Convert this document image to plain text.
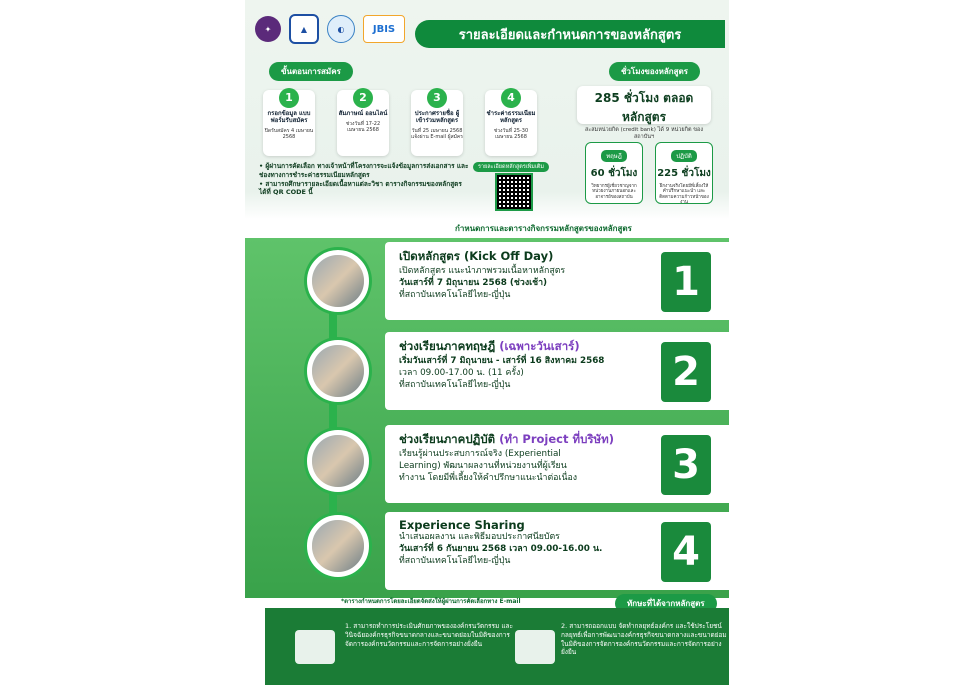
✦	▲	◐	JBIS	รายละเอียดและกำหนดการของหลักสูตร
ขั้นตอนการสมัคร
1
กรอกข้อมูล แบบฟอร์มรับสมัคร
ปิดรับสมัคร 4 เมษายน 2568
2
สัมภาษณ์ ออนไลน์
ช่วงวันที่ 17-22 เมษายน 2568
3
ประกาศรายชื่อ ผู้เข้าร่วมหลักสูตร
วันที่ 25 เมษายน 2568 แจ้งผ่าน E-mail ผู้สมัคร
4
ชำระค่าธรรมเนียม หลักสูตร
ช่วงวันที่ 25-30 เมษายน 2568
• ผู้ผ่านการคัดเลือก ทางเจ้าหน้าที่โครงการจะแจ้งข้อมูลการส่งเอกสาร และช่องทางการชำระค่าธรรมเนียมหลักสูตร
• สามารถศึกษารายละเอียดเนื้อหาแต่ละวิชา ตารางกิจกรรมของหลักสูตรได้ที่ QR CODE นี้
รายละเอียดหลักสูตรเพิ่มเติม
ชั่วโมงของหลักสูตร
285 ชั่วโมง ตลอดหลักสูตร
สะสมหน่วยกิต (credit bank) ได้ 9 หน่วยกิต ของสถาบันฯ
ทฤษฎี
60 ชั่วโมง
วิทยากรผู้เชี่ยวชาญจากหน่วยงานภายนอกและอาจารย์ของสถาบัน
ปฏิบัติ
225 ชั่วโมง
ฝึกงานจริงโดยมีพี่เลี้ยงให้คำปรึกษาแนะนำ และติดตามความก้าวหน้าของงาน
กำหนดการและตารางกิจกรรมหลักสูตรของหลักสูตร
เปิดหลักสูตร (Kick Off Day)
เปิดหลักสูตร แนะนำภาพรวมเนื้อหาหลักสูตร
วันเสาร์ที่ 7 มิถุนายน 2568 (ช่วงเช้า)
ที่สถาบันเทคโนโลยีไทย-ญี่ปุ่น	1
ช่วงเรียนภาคทฤษฎี (เฉพาะวันเสาร์)
เริ่มวันเสาร์ที่ 7 มิถุนายน - เสาร์ที่ 16 สิงหาคม 2568
เวลา 09.00-17.00 น. (11 ครั้ง)
ที่สถาบันเทคโนโลยีไทย-ญี่ปุ่น	2
ช่วงเรียนภาคปฏิบัติ (ทำ Project ที่บริษัท)
เรียนรู้ผ่านประสบการณ์จริง (Experiential
Learning) พัฒนาผลงานที่หน่วยงานที่ผู้เรียน
ทำงาน โดยมีพี่เลี้ยงให้คำปรึกษาแนะนำต่อเนื่อง	3
Experience Sharing
นำเสนอผลงาน และพิธีมอบประกาศนียบัตร
วันเสาร์ที่ 6 กันยายน 2568 เวลา 09.00-16.00 น.
ที่สถาบันเทคโนโลยีไทย-ญี่ปุ่น	4
*ตารางกำหนดการโดยละเอียดจัดส่งให้ผู้ผ่านการคัดเลือกทาง E-mail	ทักษะที่ได้จากหลักสูตร
1. สามารถทำการประเมินศักยภาพขององค์กรนวัตกรรม และวินิจฉัยองค์กรธุรกิจขนาดกลางและขนาดย่อมในมิติของการจัดการองค์กรนวัตกรรมและการจัดการอย่างยั่งยืน
2. สามารถออกแบบ จัดทำกลยุทธ์องค์กร และใช้ประโยชน์กลยุทธ์เพื่อการพัฒนาองค์กรธุรกิจขนาดกลางและขนาดย่อมในมิติของการจัดการองค์กรนวัตกรรมและการจัดการอย่างยั่งยืน
